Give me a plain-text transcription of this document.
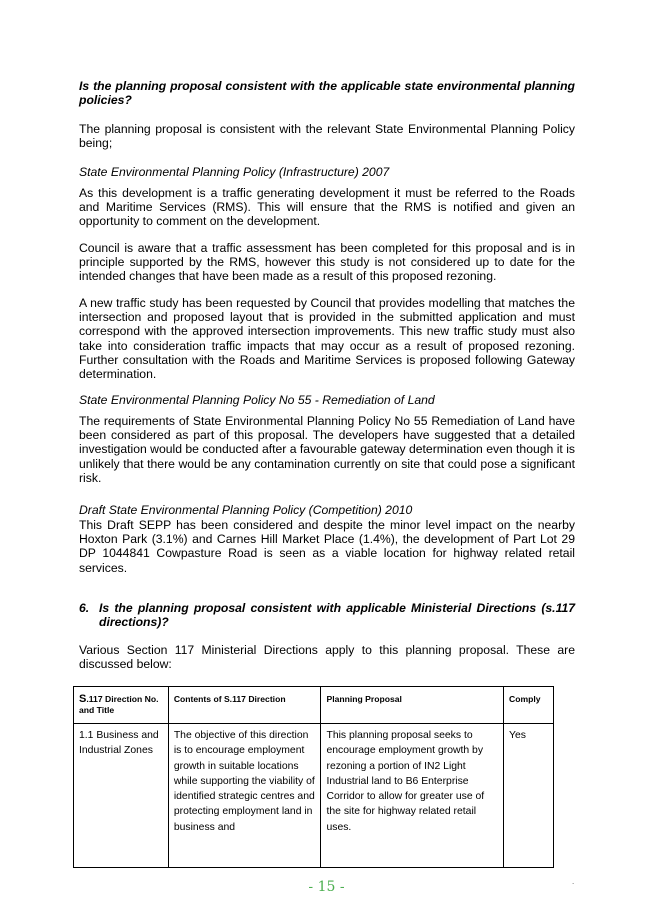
Is the planning proposal consistent with the applicable state environmental planning policies?
The planning proposal is consistent with the relevant State Environmental Planning Policy being;
State Environmental Planning Policy (Infrastructure) 2007
As this development is a traffic generating development it must be referred to the Roads and Maritime Services (RMS). This will ensure that the RMS is notified and given an opportunity to comment on the development.
Council is aware that a traffic assessment has been completed for this proposal and is in principle supported by the RMS, however this study is not considered up to date for the intended changes that have been made as a result of this proposed rezoning.
A new traffic study has been requested by Council that provides modelling that matches the intersection and proposed layout that is provided in the submitted application and must correspond with the approved intersection improvements. This new traffic study must also take into consideration traffic impacts that may occur as a result of proposed rezoning. Further consultation with the Roads and Maritime Services is proposed following Gateway determination.
State Environmental Planning Policy No 55 - Remediation of Land
The requirements of State Environmental Planning Policy No 55 Remediation of Land have been considered as part of this proposal. The developers have suggested that a detailed investigation would be conducted after a favourable gateway determination even though it is unlikely that there would be any contamination currently on site that could pose a significant risk.
Draft State Environmental Planning Policy (Competition) 2010
This Draft SEPP has been considered and despite the minor level impact on the nearby Hoxton Park (3.1%) and Carnes Hill Market Place (1.4%), the development of Part Lot 29 DP 1044841 Cowpasture Road is seen as a viable location for highway related retail services.
6. Is the planning proposal consistent with applicable Ministerial Directions (s.117 directions)?
Various Section 117 Ministerial Directions apply to this planning proposal. These are discussed below:
S.117 Direction No. and Title	Contents of S.117 Direction	Planning Proposal	Comply
1.1 Business and Industrial Zones	The objective of this direction is to encourage employment growth in suitable locations while supporting the viability of identified strategic centres and protecting employment land in business and	This planning proposal seeks to encourage employment growth by rezoning a portion of IN2 Light Industrial land to B6 Enterprise Corridor to allow for greater use of the site for highway related retail uses.	Yes
- 15 -	.
